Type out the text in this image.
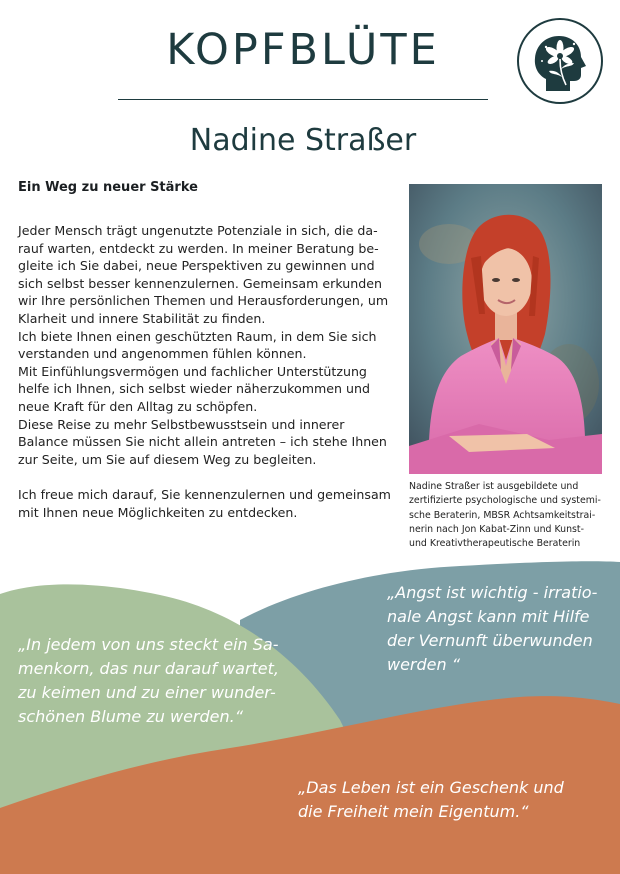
KOPFBLÜTE
Nadine Straßer
Ein Weg zu neuer Stärke

Jeder Mensch trägt ungenutzte Potenziale in sich, die da-

rauf warten, entdeckt zu werden. In meiner Beratung be-

gleite ich Sie dabei, neue Perspektiven zu gewinnen und

sich selbst besser kennenzulernen. Gemeinsam erkunden

wir Ihre persönlichen Themen und Herausforderungen, um

Klarheit und innere Stabilität zu finden.

Ich biete Ihnen einen geschützten Raum, in dem Sie sich

verstanden und angenommen fühlen können.

Mit Einfühlungsvermögen und fachlicher Unterstützung

helfe ich Ihnen, sich selbst wieder näherzukommen und

neue Kraft für den Alltag zu schöpfen.

Diese Reise zu mehr Selbstbewusstsein und innerer

Balance müssen Sie nicht allein antreten – ich stehe Ihnen

zur Seite, um Sie auf diesem Weg zu begleiten.

Ich freue mich darauf, Sie kennenzulernen und gemeinsam

mit Ihnen neue Möglichkeiten zu entdecken.

Nadine Straßer ist ausgebildete und
zertifizierte psychologische und systemi-
sche Beraterin, MBSR Achtsamkeitstrai-
nerin nach Jon Kabat-Zinn und Kunst-
und Kreativtherapeutische Beraterin
„Angst ist wichtig - irratio-
nale Angst kann mit Hilfe
der Vernunft überwunden
werden “
„In jedem von uns steckt ein Sa-
menkorn, das nur darauf wartet,
zu keimen und zu einer wunder-
schönen Blume zu werden.“
„Das Leben ist ein Geschenk und
die Freiheit mein Eigentum.“
